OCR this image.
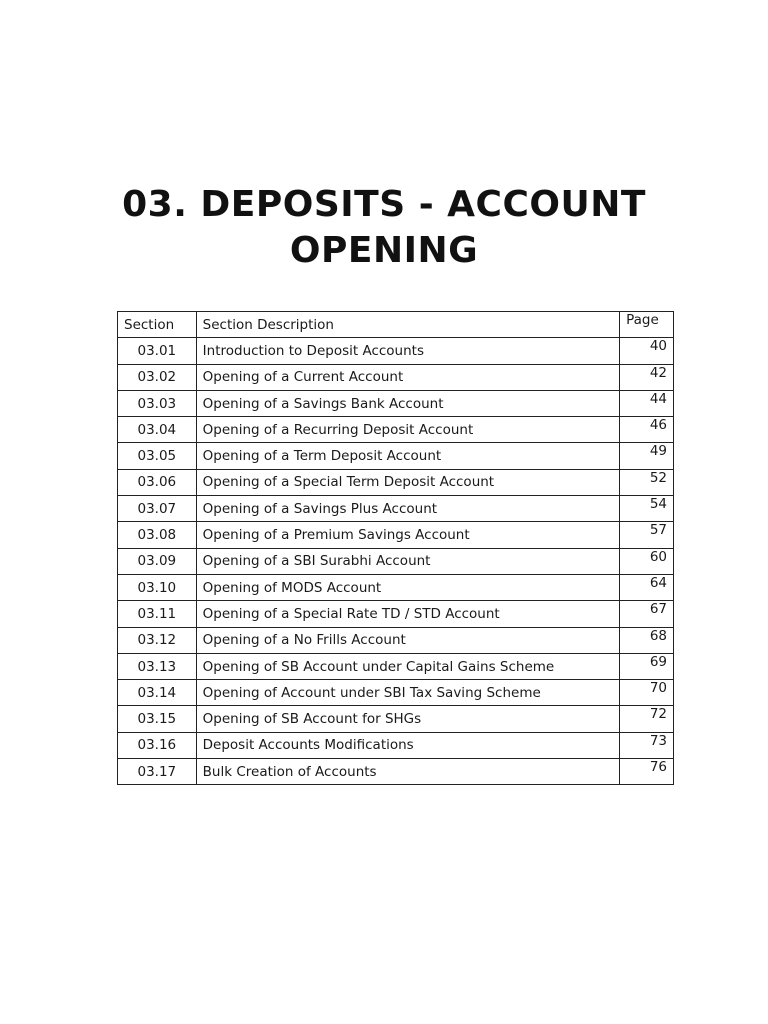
03. DEPOSITS - ACCOUNT
OPENING
Section	Section Description	Page
03.01	Introduction to Deposit Accounts	40
03.02	Opening of a Current Account	42
03.03	Opening of a Savings Bank Account	44
03.04	Opening of a Recurring Deposit Account	46
03.05	Opening of a Term Deposit Account	49
03.06	Opening of a Special Term Deposit Account	52
03.07	Opening of a Savings Plus Account	54
03.08	Opening of a Premium Savings Account	57
03.09	Opening of a SBI Surabhi Account	60
03.10	Opening of MODS Account	64
03.11	Opening of a Special Rate TD / STD Account	67
03.12	Opening of a No Frills Account	68
03.13	Opening of SB Account under Capital Gains Scheme	69
03.14	Opening of Account under SBI Tax Saving Scheme	70
03.15	Opening of SB Account for SHGs	72
03.16	Deposit Accounts Modifications	73
03.17	Bulk Creation of Accounts	76
